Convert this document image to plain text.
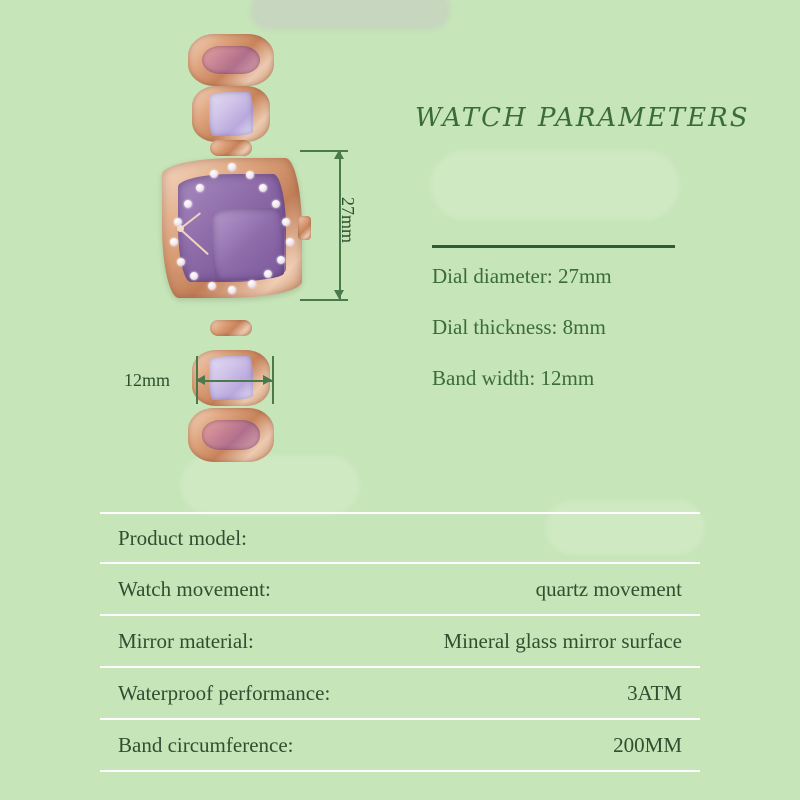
27mm
12mm
WATCH PARAMETERS
Dial diameter: 27mm
Dial thickness: 8mm
Band width: 12mm
Product model:
Watch movement:	quartz movement
Mirror material:	Mineral glass mirror surface
Waterproof performance:	3ATM
Band circumference:	200MM
